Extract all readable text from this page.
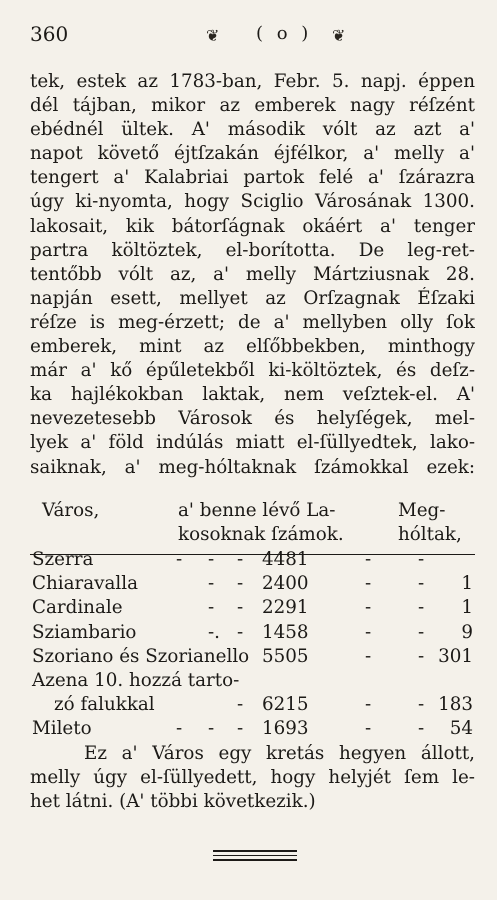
360	❦ ( o ) ❦
tek, estek az 1783-ban, Febr. 5. napj. éppen
dél tájban, mikor az emberek nagy réſzént
ebédnél ültek. A' második vólt az azt a'
napot követő éjtſzakán éjfélkor, a' melly a'
tengert a' Kalabriai partok felé a' ſzárazra
úgy ki-nyomta, hogy Sciglio Városának 1300.
lakosait, kik bátorſágnak okáért a' tenger
partra költöztek, el-borította. De leg-ret-
tentőbb vólt az, a' melly Mártziusnak 28.
napján esett, mellyet az Orſzagnak Éſzaki
réſze is meg-érzett; de a' mellyben olly ſok
emberek, mint az elſőbbekben, minthogy
már a' kő épűletekből ki-költöztek, és deſz-
ka hajlékokban laktak, nem veſztek-el. A'
nevezetesebb Városok és helyſégek, mel-
lyek a' föld indúlás miatt el-ſüllyedtek, lako-
saiknak, a' meg-hóltaknak ſzámokkal ezek:
Város,	a' benne lévő La-	Meg-
kosoknak ſzámok.	hóltak,
Szerra	- - - 4481	-	-
Chiaravalla	- - 2400	-	- 1
Cardinale	- - 2291	-	- 1
Sziambario	-. - 1458	-	- 9
Szoriano és Szorianello 5505	-	- 301
Azena 10. hozzá tarto-
zó falukkal	- 6215	-	- 183
Mileto	- - - 1693	-	- 54
Ez a' Város egy kretás hegyen állott,
melly úgy el-ſüllyedett, hogy helyjét ſem le-
het látni. (A' többi következik.)
